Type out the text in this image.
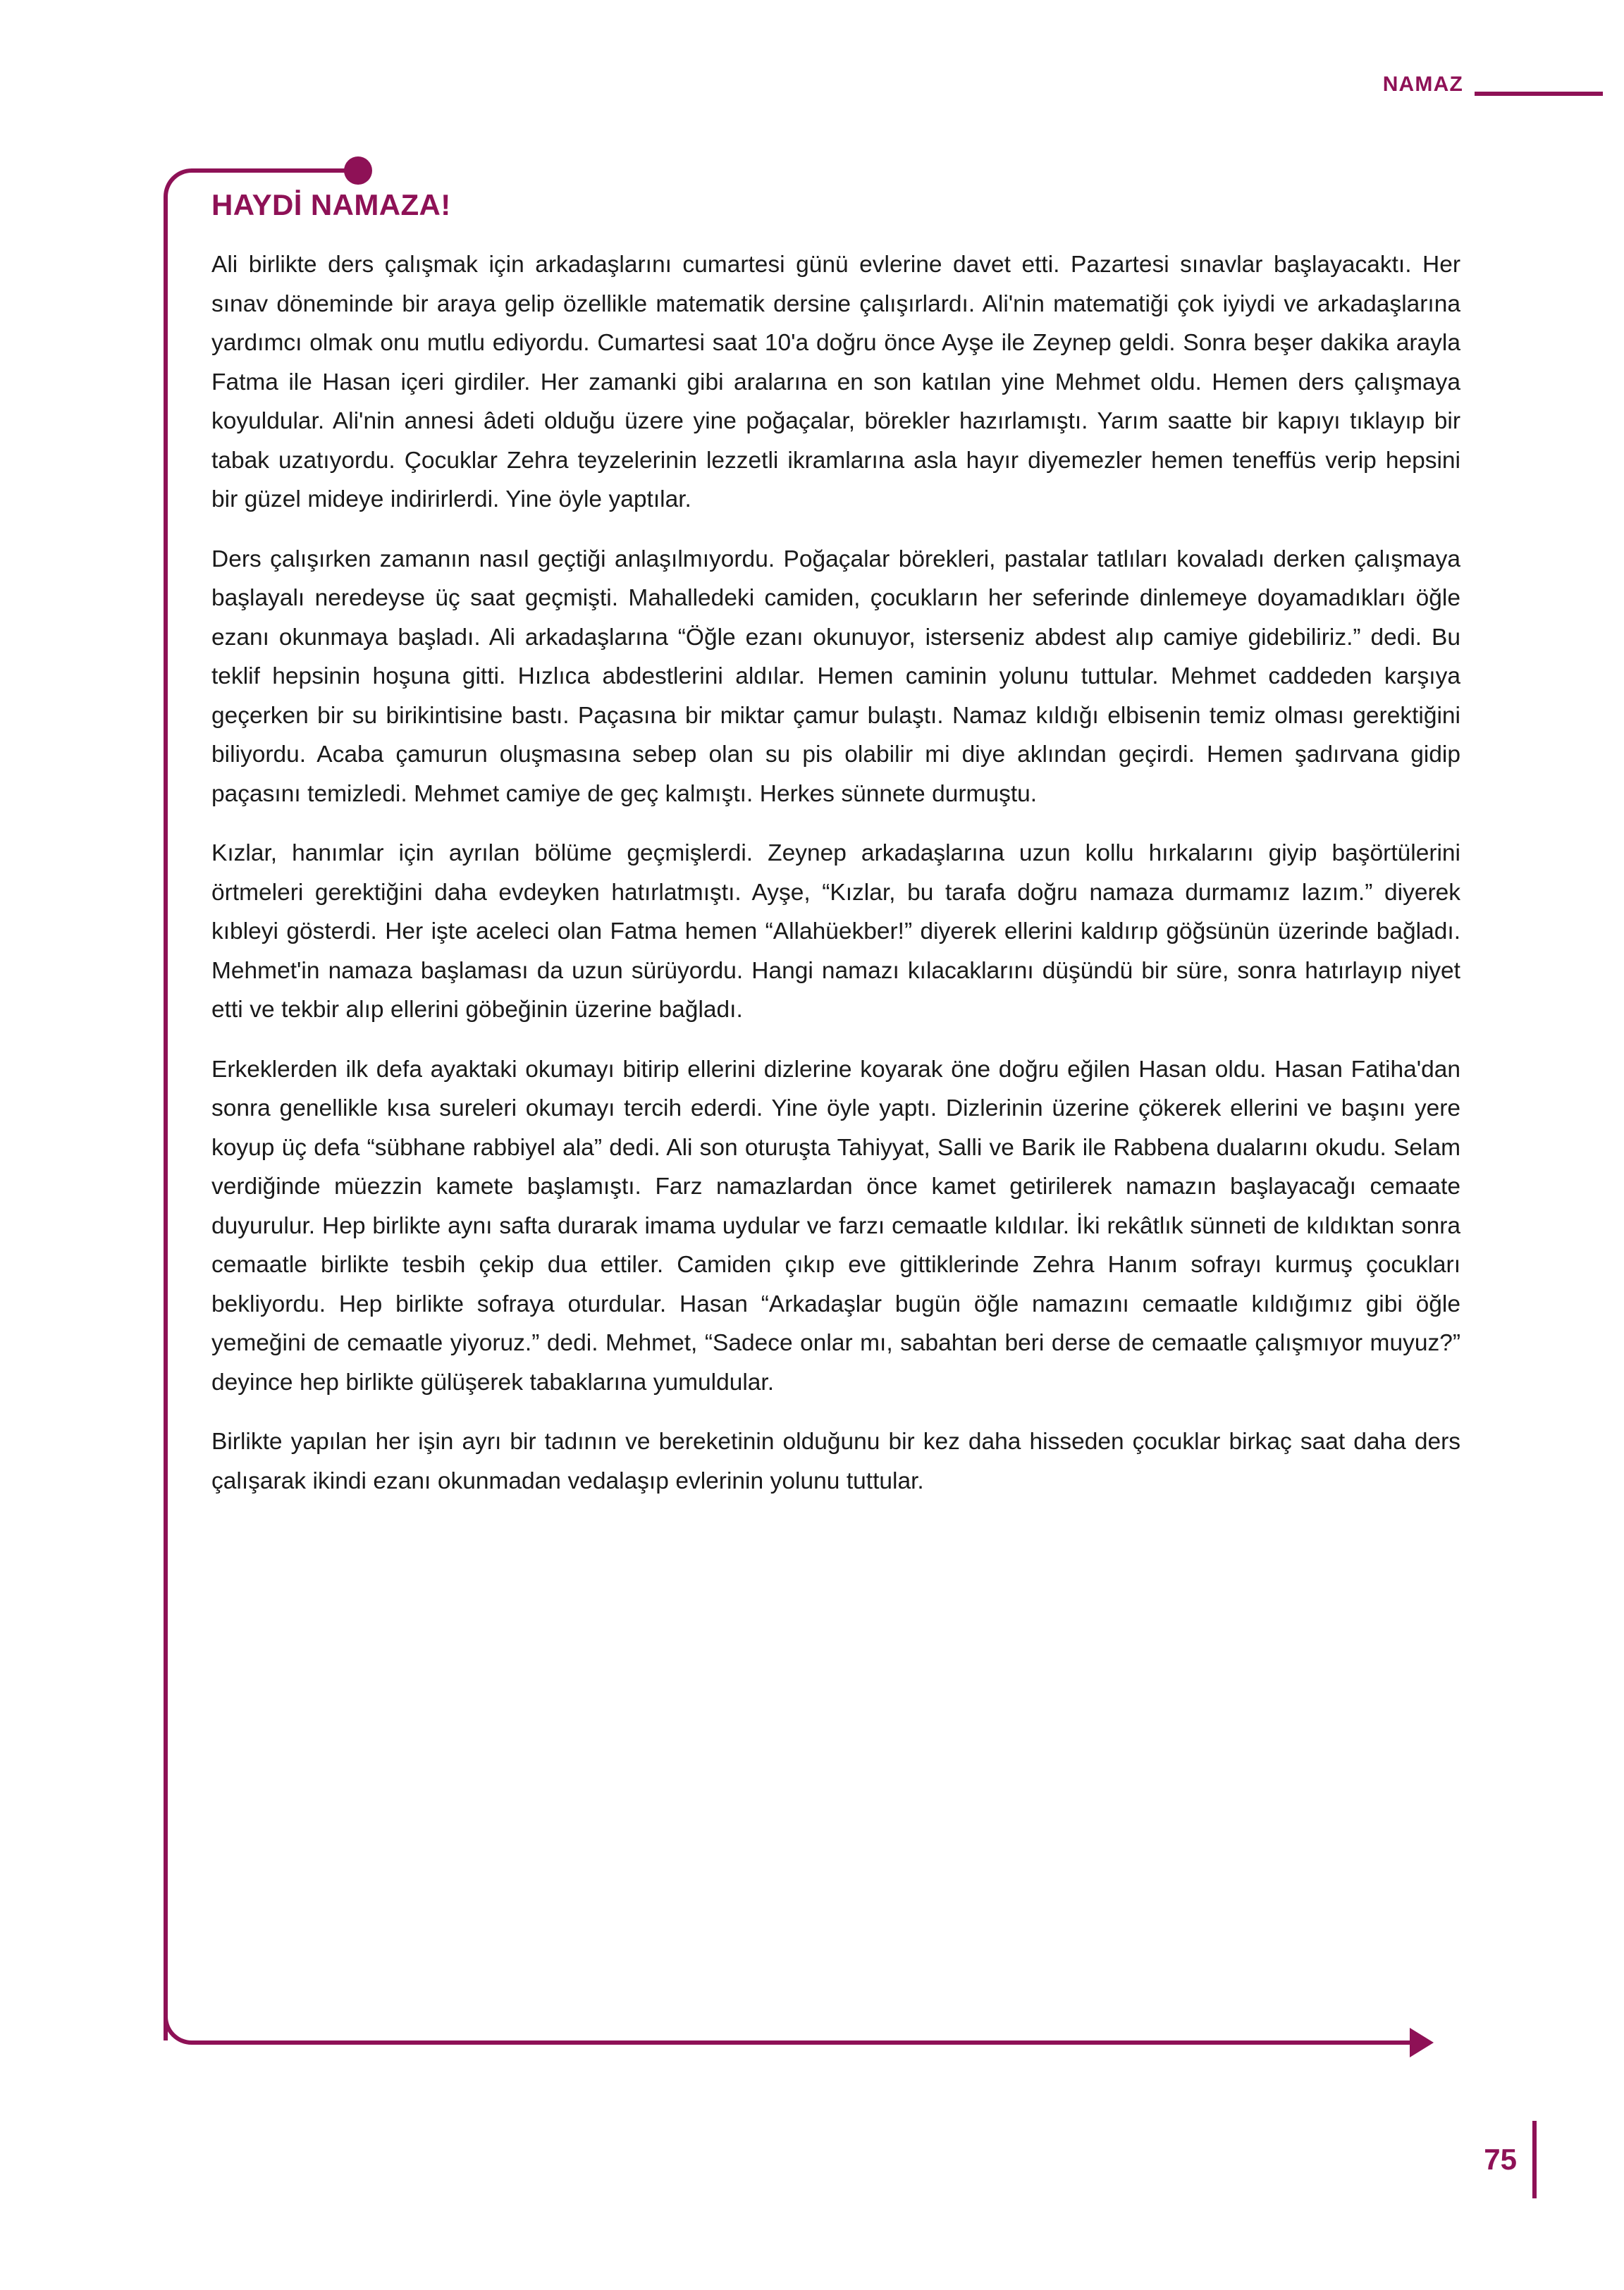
NAMAZ
HAYDİ NAMAZA!

Ali birlikte ders çalışmak için arkadaşlarını cumartesi günü evlerine davet etti. Pazartesi sınavlar başlayacaktı. Her sınav döneminde bir araya gelip özellikle matematik dersine çalışırlardı. Ali'nin matematiği çok iyiydi ve arkadaşlarına yardımcı olmak onu mutlu ediyordu. Cumartesi saat 10'a doğru önce Ayşe ile Zeynep geldi. Sonra beşer dakika arayla Fatma ile Hasan içeri girdiler. Her zamanki gibi aralarına en son katılan yine Mehmet oldu. Hemen ders çalışmaya koyuldular. Ali'nin annesi âdeti olduğu üzere yine poğaçalar, börekler hazırlamıştı. Yarım saatte bir kapıyı tıklayıp bir tabak uzatıyordu. Çocuklar Zehra teyzelerinin lezzetli ikramlarına asla hayır diyemezler hemen teneffüs verip hepsini bir güzel mideye indirirlerdi. Yine öyle yaptılar.

Ders çalışırken zamanın nasıl geçtiği anlaşılmıyordu. Poğaçalar börekleri, pastalar tatlıları kovaladı derken çalışmaya başlayalı neredeyse üç saat geçmişti. Mahalledeki camiden, çocukların her seferinde dinlemeye doyamadıkları öğle ezanı okunmaya başladı. Ali arkadaşlarına “Öğle ezanı okunuyor, isterseniz abdest alıp camiye gidebiliriz.” dedi. Bu teklif hepsinin hoşuna gitti. Hızlıca abdestlerini aldılar. Hemen caminin yolunu tuttular. Mehmet caddeden karşıya geçerken bir su birikintisine bastı. Paçasına bir miktar çamur bulaştı. Namaz kıldığı elbisenin temiz olması gerektiğini biliyordu. Acaba çamurun oluşmasına sebep olan su pis olabilir mi diye aklından geçirdi. Hemen şadırvana gidip paçasını temizledi. Mehmet camiye de geç kalmıştı. Herkes sünnete durmuştu.

Kızlar, hanımlar için ayrılan bölüme geçmişlerdi. Zeynep arkadaşlarına uzun kollu hırkalarını giyip başörtülerini örtmeleri gerektiğini daha evdeyken hatırlatmıştı. Ayşe, “Kızlar, bu tarafa doğru namaza durmamız lazım.” diyerek kıbleyi gösterdi. Her işte aceleci olan Fatma hemen “Allahüekber!” diyerek ellerini kaldırıp göğsünün üzerinde bağladı. Mehmet'in namaza başlaması da uzun sürüyordu. Hangi namazı kılacaklarını düşündü bir süre, sonra hatırlayıp niyet etti ve tekbir alıp ellerini göbeğinin üzerine bağladı.

Erkeklerden ilk defa ayaktaki okumayı bitirip ellerini dizlerine koyarak öne doğru eğilen Hasan oldu. Hasan Fatiha'dan sonra genellikle kısa sureleri okumayı tercih ederdi. Yine öyle yaptı. Dizlerinin üzerine çökerek ellerini ve başını yere koyup üç defa “sübhane rabbiyel ala” dedi. Ali son oturuşta Tahiyyat, Salli ve Barik ile Rabbena dualarını okudu. Selam verdiğinde müezzin kamete başlamıştı. Farz namazlardan önce kamet getirilerek namazın başlayacağı cemaate duyurulur. Hep birlikte aynı safta durarak imama uydular ve farzı cemaatle kıldılar. İki rekâtlık sünneti de kıldıktan sonra cemaatle birlikte tesbih çekip dua ettiler. Camiden çıkıp eve gittiklerinde Zehra Hanım sofrayı kurmuş çocukları bekliyordu. Hep birlikte sofraya oturdular. Hasan “Arkadaşlar bugün öğle namazını cemaatle kıldığımız gibi öğle yemeğini de cemaatle yiyoruz.” dedi. Mehmet, “Sadece onlar mı, sabahtan beri derse de cemaatle çalışmıyor muyuz?” deyince hep birlikte gülüşerek tabaklarına yumuldular.

Birlikte yapılan her işin ayrı bir tadının ve bereketinin olduğunu bir kez daha hisseden çocuklar birkaç saat daha ders çalışarak ikindi ezanı okunmadan vedalaşıp evlerinin yolunu tuttular.

75
